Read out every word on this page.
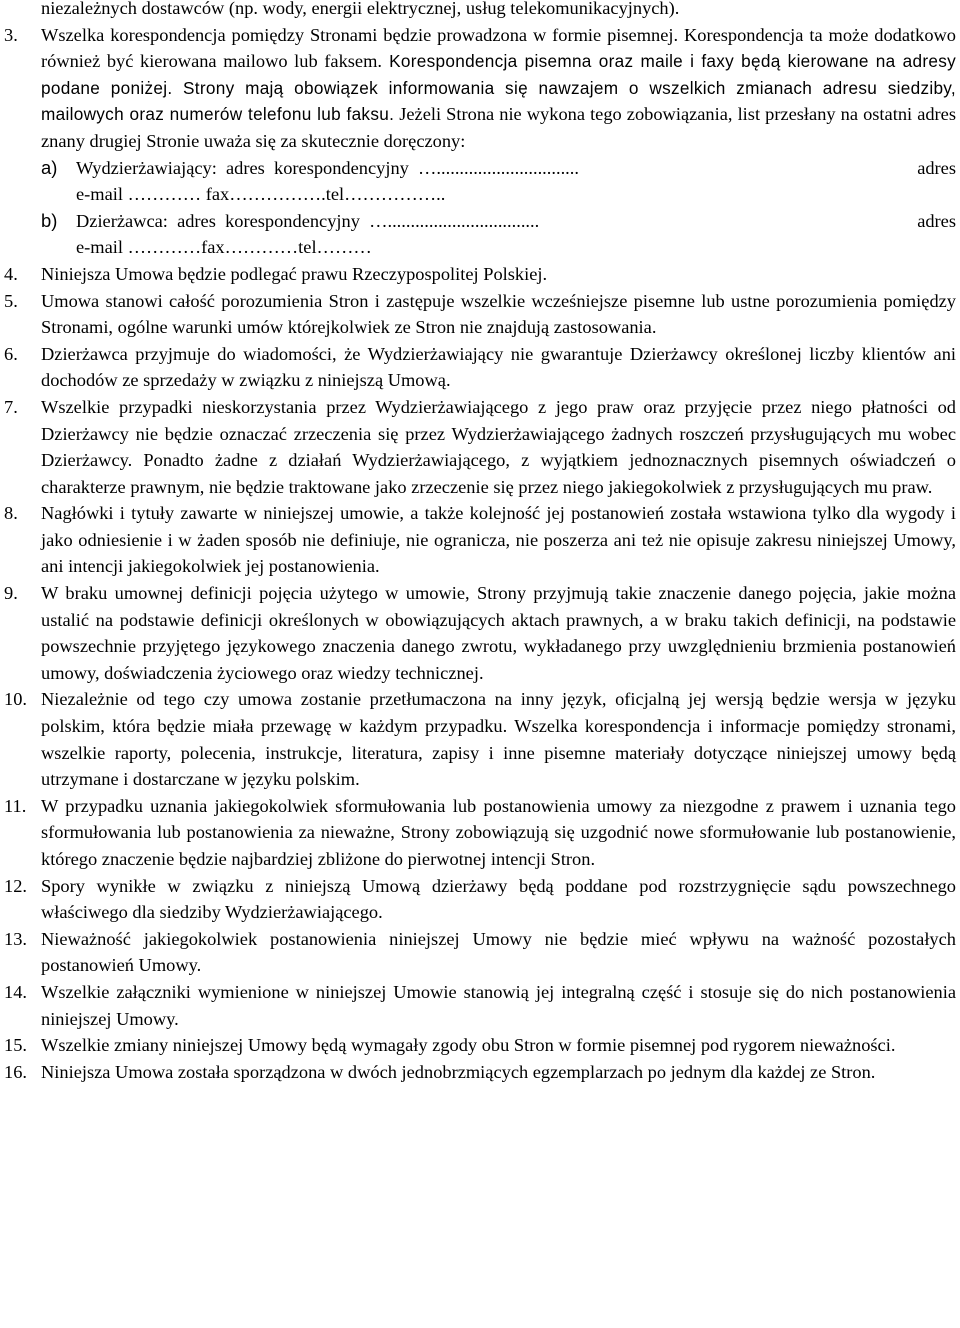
niezależnych dostawców (np. wody, energii elektrycznej, usług telekomunikacyjnych).
3. Wszelka korespondencja pomiędzy Stronami będzie prowadzona w formie pisemnej. Korespondencja ta może dodatkowo również być kierowana mailowo lub faksem. Korespondencja pisemna oraz maile i faxy będą kierowane na adresy podane poniżej. Strony mają obowiązek informowania się nawzajem o wszelkich zmianach adresu siedziby, mailowych oraz numerów telefonu lub faksu. Jeżeli Strona nie wykona tego zobowiązania, list przesłany na ostatni adres znany drugiej Stronie uważa się za skutecznie doręczony:
a) Wydzierżawiający:  adres  korespondencyjny  …...............................	adres
e-mail ………… fax…………….tel……………..
b) Dzierżawca:  adres  korespondencyjny  ….................................	adres
e-mail …………fax…………tel………
4. Niniejsza Umowa będzie podlegać prawu Rzeczypospolitej Polskiej.
5. Umowa stanowi całość porozumienia Stron i zastępuje wszelkie wcześniejsze pisemne lub ustne porozumienia pomiędzy Stronami, ogólne warunki umów którejkolwiek ze Stron nie znajdują zastosowania.
6. Dzierżawca przyjmuje do wiadomości, że Wydzierżawiający nie gwarantuje Dzierżawcy określonej liczby klientów ani dochodów ze sprzedaży w związku z niniejszą Umową.
7. Wszelkie przypadki nieskorzystania przez Wydzierżawiającego z jego praw oraz przyjęcie przez niego płatności od Dzierżawcy nie będzie oznaczać zrzeczenia się przez Wydzierżawiającego żadnych roszczeń przysługujących mu wobec Dzierżawcy. Ponadto żadne z działań Wydzierżawiającego, z wyjątkiem jednoznacznych pisemnych oświadczeń o charakterze prawnym, nie będzie traktowane jako zrzeczenie się przez niego jakiegokolwiek z przysługujących mu praw.
8. Nagłówki i tytuły zawarte w niniejszej umowie, a także kolejność jej postanowień została wstawiona tylko dla wygody i jako odniesienie i w żaden sposób nie definiuje, nie ogranicza, nie poszerza ani też nie opisuje zakresu niniejszej Umowy, ani intencji jakiegokolwiek jej postanowienia.
9. W braku umownej definicji pojęcia użytego w umowie, Strony przyjmują takie znaczenie danego pojęcia, jakie można ustalić na podstawie definicji określonych w obowiązujących aktach prawnych, a w braku takich definicji, na podstawie powszechnie przyjętego językowego znaczenia danego zwrotu, wykładanego przy uwzględnieniu brzmienia postanowień umowy, doświadczenia życiowego oraz wiedzy technicznej.
10. Niezależnie od tego czy umowa zostanie przetłumaczona na inny język, oficjalną jej wersją będzie wersja w języku polskim, która będzie miała przewagę w każdym przypadku. Wszelka korespondencja i informacje pomiędzy stronami, wszelkie raporty, polecenia, instrukcje, literatura, zapisy i inne pisemne materiały dotyczące niniejszej umowy będą utrzymane i dostarczane w języku polskim.
11. W przypadku uznania jakiegokolwiek sformułowania lub postanowienia umowy za niezgodne z prawem i uznania tego sformułowania lub postanowienia za nieważne, Strony zobowiązują się uzgodnić nowe sformułowanie lub postanowienie, którego znaczenie będzie najbardziej zbliżone do pierwotnej intencji Stron.
12. Spory wynikłe w związku z niniejszą Umową dzierżawy będą poddane pod rozstrzygnięcie sądu powszechnego właściwego dla siedziby Wydzierżawiającego.
13. Nieważność jakiegokolwiek postanowienia niniejszej Umowy nie będzie mieć wpływu na ważność pozostałych postanowień Umowy.
14. Wszelkie załączniki wymienione w niniejszej Umowie stanowią jej integralną część i stosuje się do nich postanowienia niniejszej Umowy.
15. Wszelkie zmiany niniejszej Umowy będą wymagały zgody obu Stron w formie pisemnej pod rygorem nieważności.
16. Niniejsza Umowa została sporządzona w dwóch jednobrzmiących egzemplarzach po jednym dla każdej ze Stron.
